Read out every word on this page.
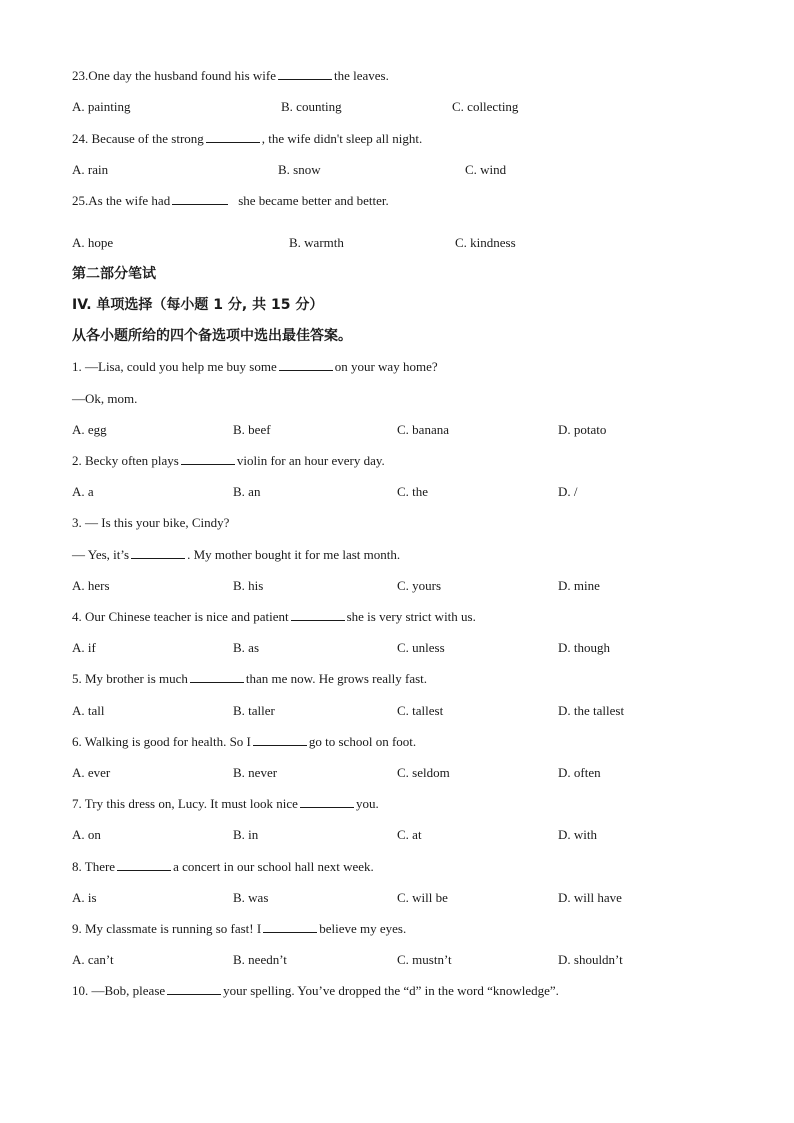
23.One day the husband found his wife	the leaves.
A. painting	B. counting	C. collecting
24. Because of the strong	, the wife didn't sleep all night.
A. rain	B. snow	C. wind
25.As the wife had	she became better and better.
A. hope	B. warmth	C. kindness
第二部分笔试
IV. 单项选择（每小题 1 分, 共 15 分）
从各小题所给的四个备选项中选出最佳答案。
1. —Lisa, could you help me buy some	on your way home?
—Ok, mom.
A. egg	B. beef	C. banana	D. potato
2. Becky often plays	violin for an hour every day.
A. a	B. an	C. the	D. /
3. — Is this your bike, Cindy?
— Yes, it’s	. My mother bought it for me last month.
A. hers	B. his	C. yours	D. mine
4. Our Chinese teacher is nice and patient	she is very strict with us.
A. if	B. as	C. unless	D. though
5. My brother is much	than me now. He grows really fast.
A. tall	B. taller	C. tallest	D. the tallest
6. Walking is good for health. So I	go to school on foot.
A. ever	B. never	C. seldom	D. often
7. Try this dress on, Lucy. It must look nice	you.
A. on	B. in	C. at	D. with
8. There	a concert in our school hall next week.
A. is	B. was	C. will be	D. will have
9. My classmate is running so fast! I	believe my eyes.
A. can’t	B. needn’t	C. mustn’t	D. shouldn’t
10. —Bob, please	your spelling. You’ve dropped the “d” in the word “knowledge”.
